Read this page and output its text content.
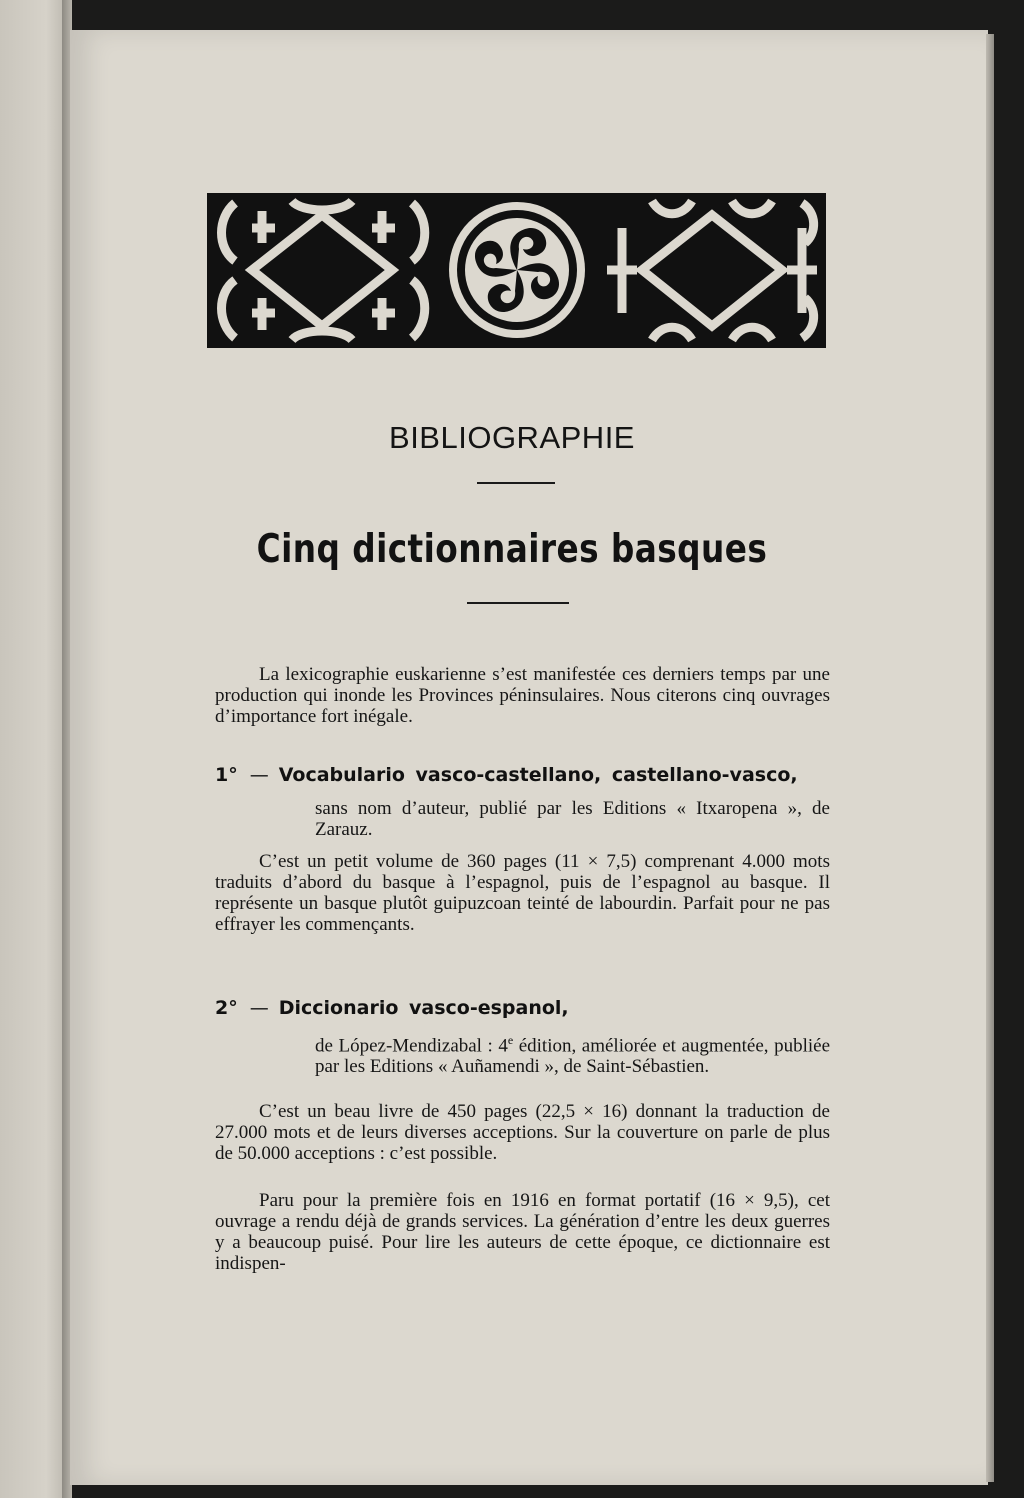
BIBLIOGRAPHIE
Cinq dictionnaires basques

La lexicographie euskarienne s’est manifestée ces derniers temps par une production qui inonde les Provinces péninsulaires. Nous citerons cinq ouvrages d’importance fort inégale.

1° — Vocabulario vasco-castellano, castellano-vasco,

sans nom d’auteur, publié par les Editions « Itxaropena », de Zarauz.

C’est un petit volume de 360 pages (11 × 7,5) comprenant 4.000 mots traduits d’abord du basque à l’espagnol, puis de l’espagnol au basque. Il représente un basque plutôt guipuzcoan teinté de labourdin. Parfait pour ne pas effrayer les commençants.

2° — Diccionario vasco-espanol,

de López-Mendizabal : 4e édition, améliorée et augmentée, publiée par les Editions « Auñamendi », de Saint-Sébastien.

C’est un beau livre de 450 pages (22,5 × 16) donnant la traduction de 27.000 mots et de leurs diverses acceptions. Sur la couverture on parle de plus de 50.000 acceptions : c’est possible.

Paru pour la première fois en 1916 en format portatif (16 × 9,5), cet ouvrage a rendu déjà de grands services. La génération d’entre les deux guerres y a beaucoup puisé. Pour lire les auteurs de cette époque, ce dictionnaire est indispen-
